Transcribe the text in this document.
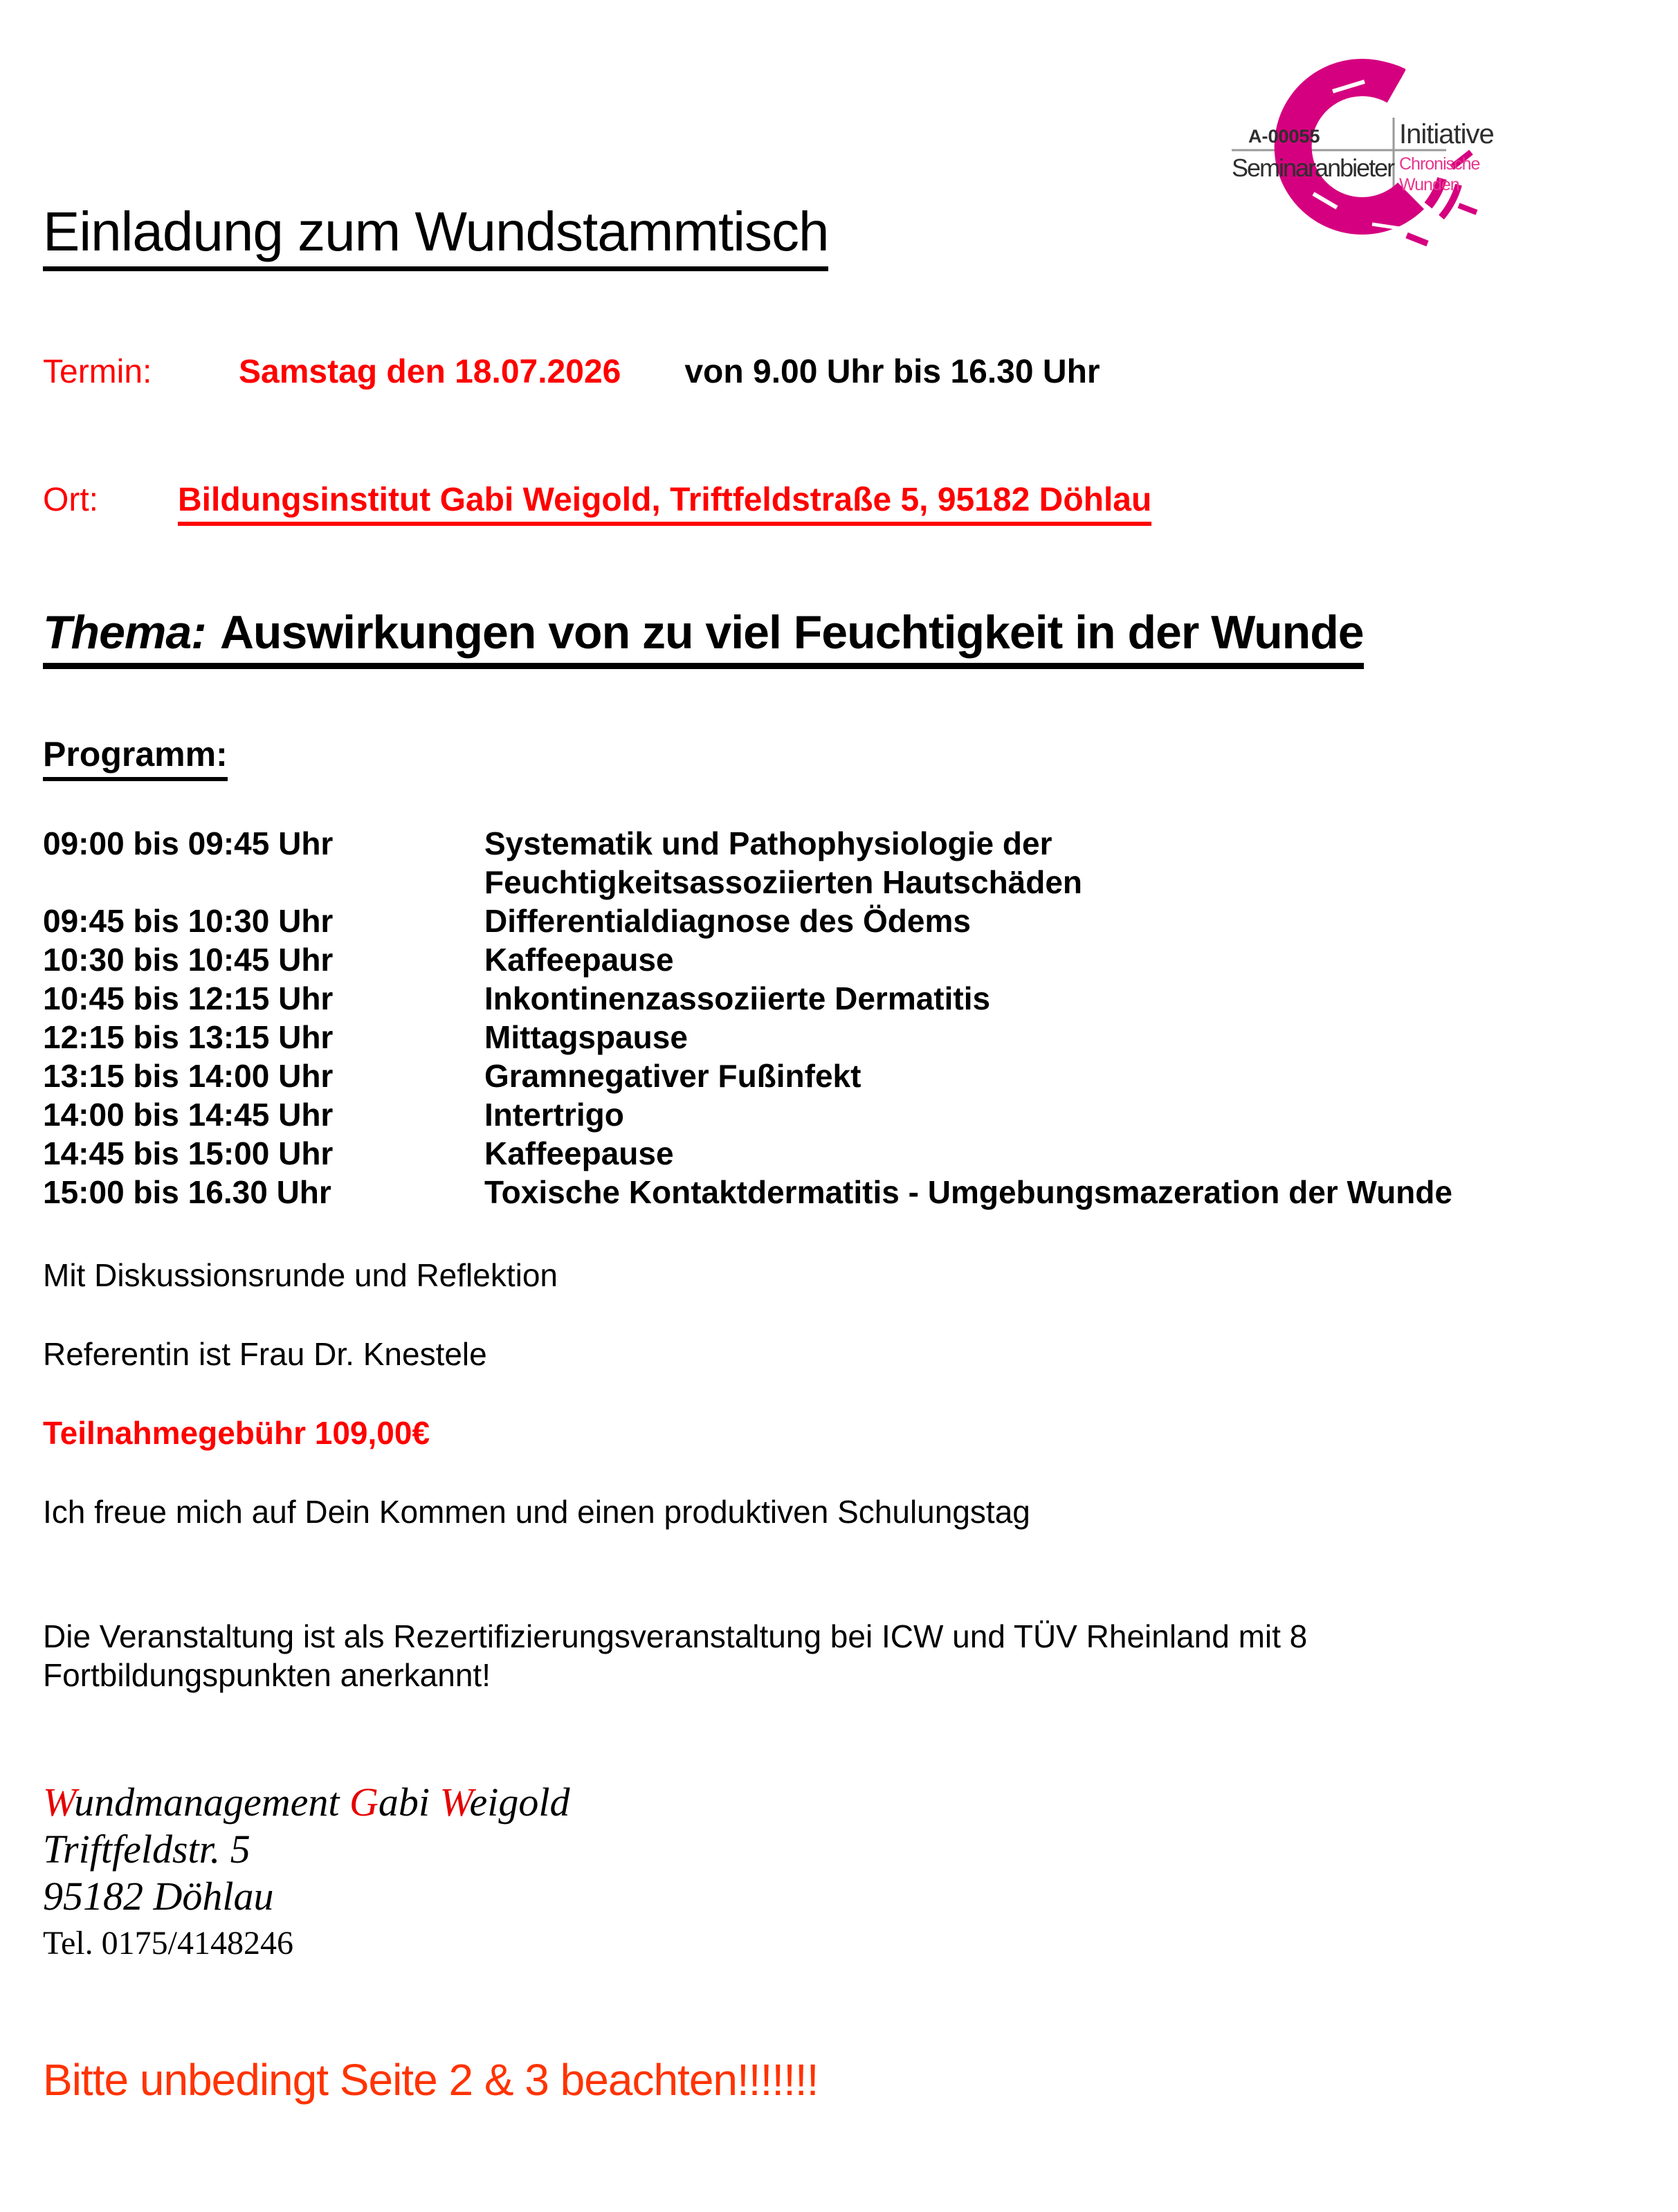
A-00055
Seminaranbieter
Initiative
Chronische
Wunden
Einladung zum Wundstammtisch
Termin:	Samstag den 18.07.2026 von 9.00 Uhr bis 16.30 Uhr
Ort: Bildungsinstitut Gabi Weigold, Triftfeldstraße 5, 95182 Döhlau
Thema: Auswirkungen von zu viel Feuchtigkeit in der Wunde
Programm:
09:00 bis 09:45 Uhr	Systematik und Pathophysiologie der
Feuchtigkeitsassoziierten Hautschäden
09:45 bis 10:30 Uhr	Differentialdiagnose des Ödems
10:30 bis 10:45 Uhr	Kaffeepause
10:45 bis 12:15 Uhr	Inkontinenzassoziierte Dermatitis
12:15 bis 13:15 Uhr	Mittagspause
13:15 bis 14:00 Uhr	Gramnegativer Fußinfekt
14:00 bis 14:45 Uhr	Intertrigo
14:45 bis 15:00 Uhr	Kaffeepause
15:00 bis 16.30 Uhr	Toxische Kontaktdermatitis - Umgebungsmazeration der Wunde

Mit Diskussionsrunde und Reflektion

Referentin ist Frau Dr. Knestele

Teilnahmegebühr 109,00€

Ich freue mich auf Dein Kommen und einen produktiven Schulungstag

Die Veranstaltung ist als Rezertifizierungsveranstaltung bei ICW und TÜV Rheinland mit 8 Fortbildungspunkten anerkannt!

Wundmanagement Gabi Weigold
Triftfeldstr. 5
95182 Döhlau
Tel. 0175/4148246
Bitte unbedingt Seite 2 & 3 beachten!!!!!!!
